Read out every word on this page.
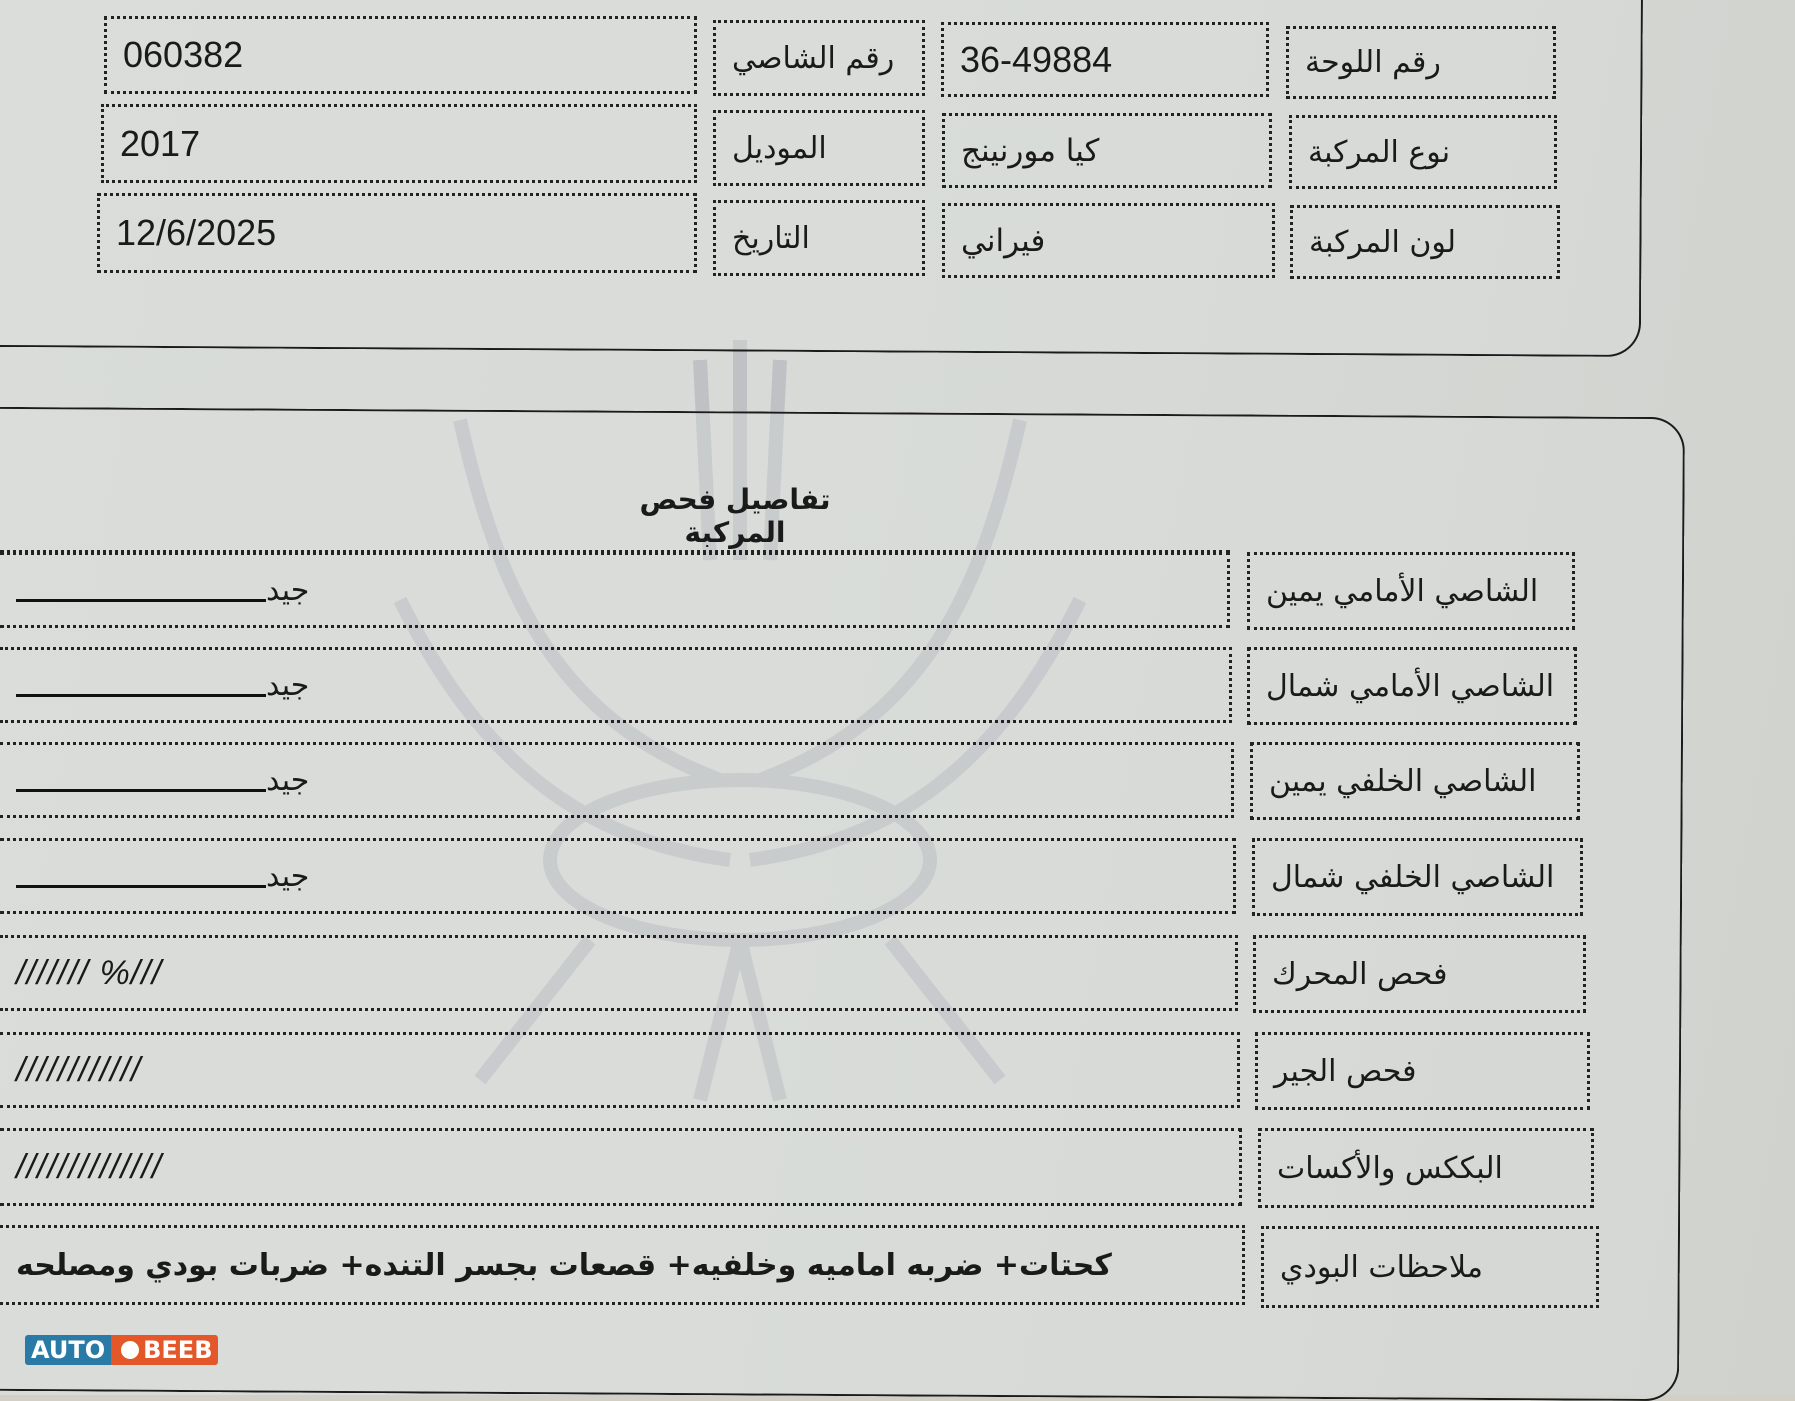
رقم اللوحة
36-49884
رقم الشاصي
060382
نوع المركبة
كيا مورنينج
الموديل
2017
لون المركبة
فيراني
التاريخ
12/6/2025
تفاصيل فحص المركبة
الشاصي الأمامي يمين
جيد
الشاصي الأمامي شمال
جيد
الشاصي الخلفي يمين
جيد
الشاصي الخلفي شمال
جيد
فحص المحرك
/////// %///
فحص الجير
////////////
البككس والأكسات
//////////////
ملاحظات البودي
كحتات+ ضربه اماميه وخلفيه+ قصعات بجسر التنده+ ضربات بودي ومصلحه
AUTO BEEB
